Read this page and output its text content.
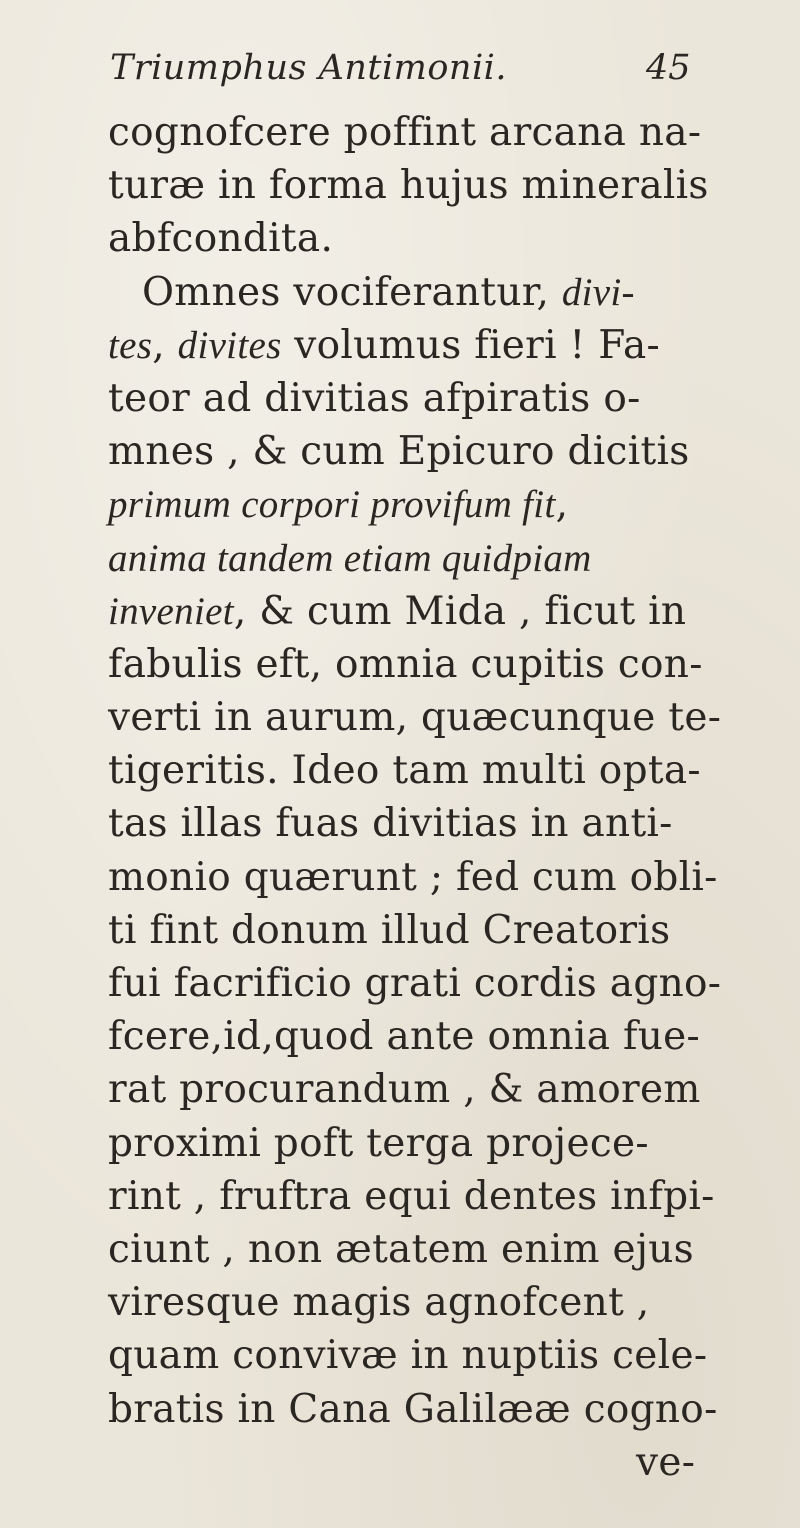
Triumphus Antimonii.	45
cognofcere poffint arcana na-
turæ in forma hujus mineralis
abfcondita.
Omnes vociferantur, divi-
tes, divites volumus fieri ! Fa-
teor ad divitias afpiratis o-
mnes , & cum Epicuro dicitis
primum corpori provifum fit,
anima tandem etiam quidpiam
inveniet, & cum Mida , ficut in
fabulis eft, omnia cupitis con-
verti in aurum, quæcunque te-
tigeritis. Ideo tam multi opta-
tas illas fuas divitias in anti-
monio quærunt ; fed cum obli-
ti fint donum illud Creatoris
fui facrificio grati cordis agno-
fcere,id,quod ante omnia fue-
rat procurandum , & amorem
proximi poft terga projece-
rint , fruftra equi dentes infpi-
ciunt , non ætatem enim ejus
viresque magis agnofcent ,
quam convivæ in nuptiis cele-
bratis in Cana Galilææ cogno-
ve-
